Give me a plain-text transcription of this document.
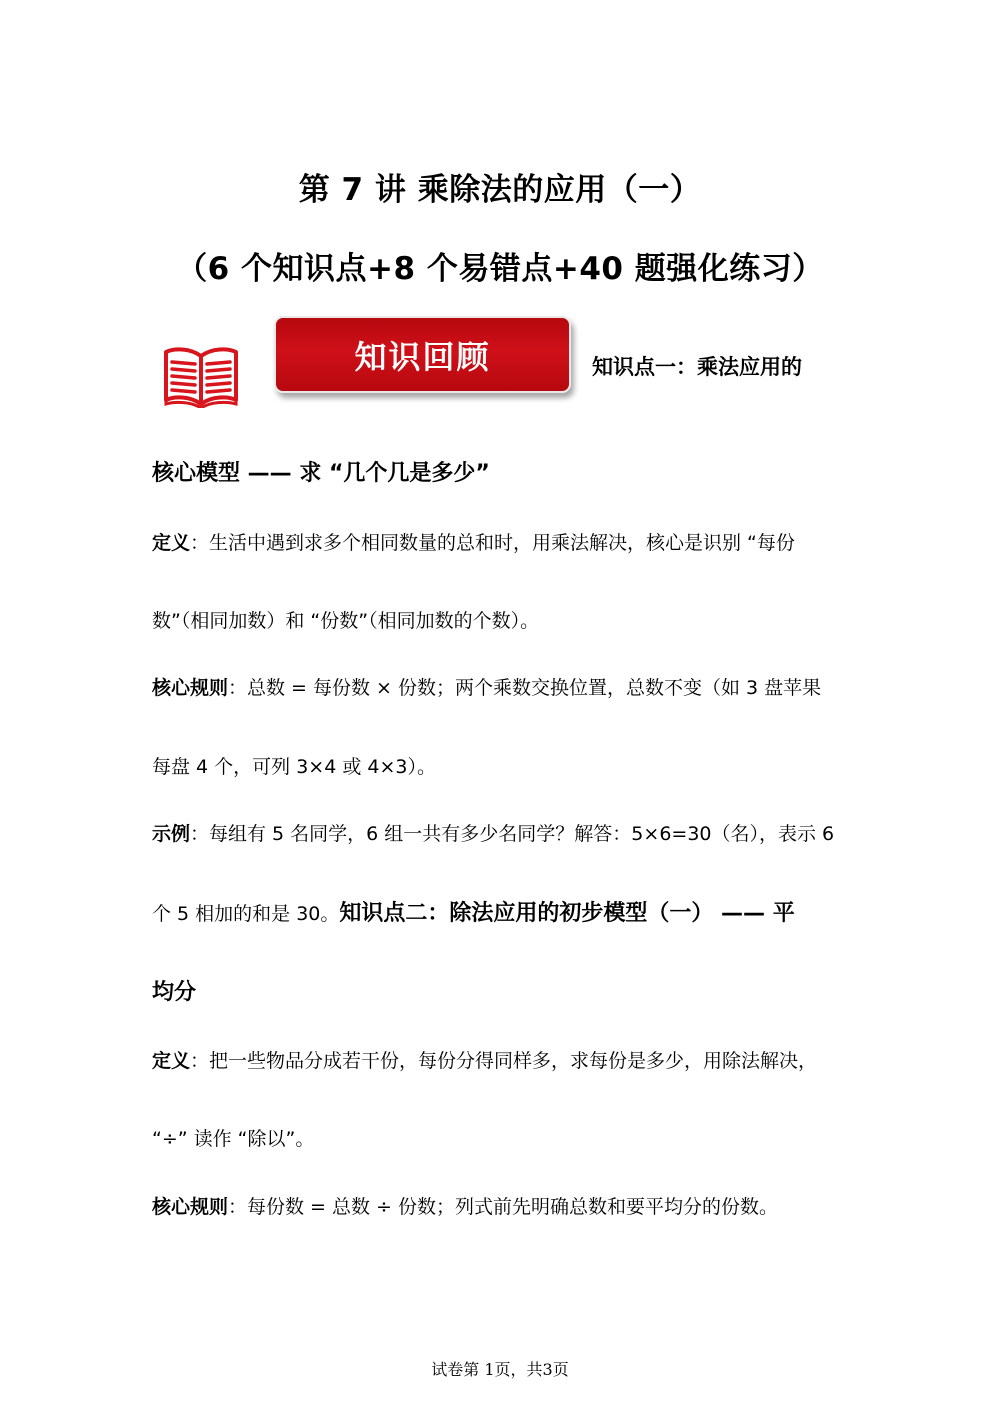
第 7 讲 乘除法的应用（一）
（6 个知识点+8 个易错点+40 题强化练习）
知识回顾	知识点一：乘法应用的
核心模型 —— 求 “几个几是多少”
定义：生活中遇到求多个相同数量的总和时，用乘法解决，核心是识别 “每份
数”（相同加数）和 “份数”（相同加数的个数）。
核心规则：总数 = 每份数 × 份数；两个乘数交换位置，总数不变（如 3 盘苹果
每盘 4 个，可列 3×4 或 4×3）。
示例：每组有 5 名同学，6 组一共有多少名同学？解答：5×6=30（名），表示 6
个 5 相加的和是 30。知识点二：除法应用的初步模型（一） —— 平
均分
定义：把一些物品分成若干份，每份分得同样多，求每份是多少，用除法解决，
“÷” 读作 “除以”。
核心规则：每份数 = 总数 ÷ 份数；列式前先明确总数和要平均分的份数。
试卷第 1页，共3页
